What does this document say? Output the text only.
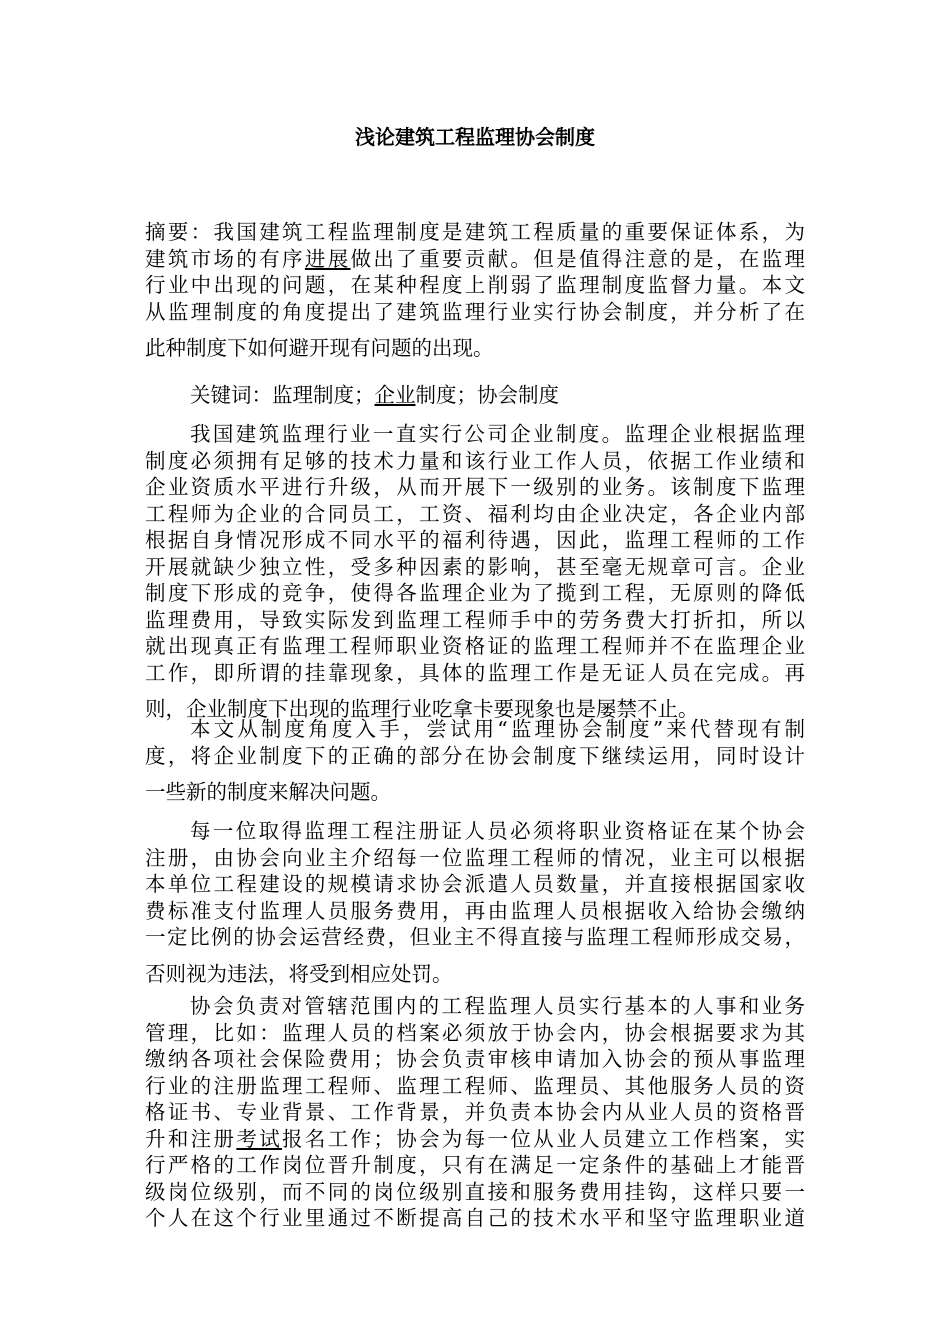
浅论建筑工程监理协会制度
摘要：我国建筑工程监理制度是建筑工程质量的重要保证体系，为
建筑市场的有序进展做出了重要贡献。但是值得注意的是，在监理
行业中出现的问题，在某种程度上削弱了监理制度监督力量。本文
从监理制度的角度提出了建筑监理行业实行协会制度，并分析了在
此种制度下如何避开现有问题的出现。
关键词：监理制度；企业制度；协会制度
我国建筑监理行业一直实行公司企业制度。监理企业根据监理
制度必须拥有足够的技术力量和该行业工作人员，依据工作业绩和
企业资质水平进行升级，从而开展下一级别的业务。该制度下监理
工程师为企业的合同员工，工资、福利均由企业决定，各企业内部
根据自身情况形成不同水平的福利待遇，因此，监理工程师的工作
开展就缺少独立性，受多种因素的影响，甚至毫无规章可言。企业
制度下形成的竞争，使得各监理企业为了揽到工程，无原则的降低
监理费用，导致实际发到监理工程师手中的劳务费大打折扣，所以
就出现真正有监理工程师职业资格证的监理工程师并不在监理企业
工作，即所谓的挂靠现象，具体的监理工作是无证人员在完成。再
则，企业制度下出现的监理行业吃拿卡要现象也是屡禁不止。
本文从制度角度入手，尝试用“监理协会制度”来代替现有制
度，将企业制度下的正确的部分在协会制度下继续运用，同时设计
一些新的制度来解决问题。
每一位取得监理工程注册证人员必须将职业资格证在某个协会
注册，由协会向业主介绍每一位监理工程师的情况，业主可以根据
本单位工程建设的规模请求协会派遣人员数量，并直接根据国家收
费标准支付监理人员服务费用，再由监理人员根据收入给协会缴纳
一定比例的协会运营经费，但业主不得直接与监理工程师形成交易，
否则视为违法，将受到相应处罚。
协会负责对管辖范围内的工程监理人员实行基本的人事和业务
管理，比如：监理人员的档案必须放于协会内，协会根据要求为其
缴纳各项社会保险费用；协会负责审核申请加入协会的预从事监理
行业的注册监理工程师、监理工程师、监理员、其他服务人员的资
格证书、专业背景、工作背景，并负责本协会内从业人员的资格晋
升和注册考试报名工作；协会为每一位从业人员建立工作档案，实
行严格的工作岗位晋升制度，只有在满足一定条件的基础上才能晋
级岗位级别，而不同的岗位级别直接和服务费用挂钩，这样只要一
个人在这个行业里通过不断提高自己的技术水平和坚守监理职业道
